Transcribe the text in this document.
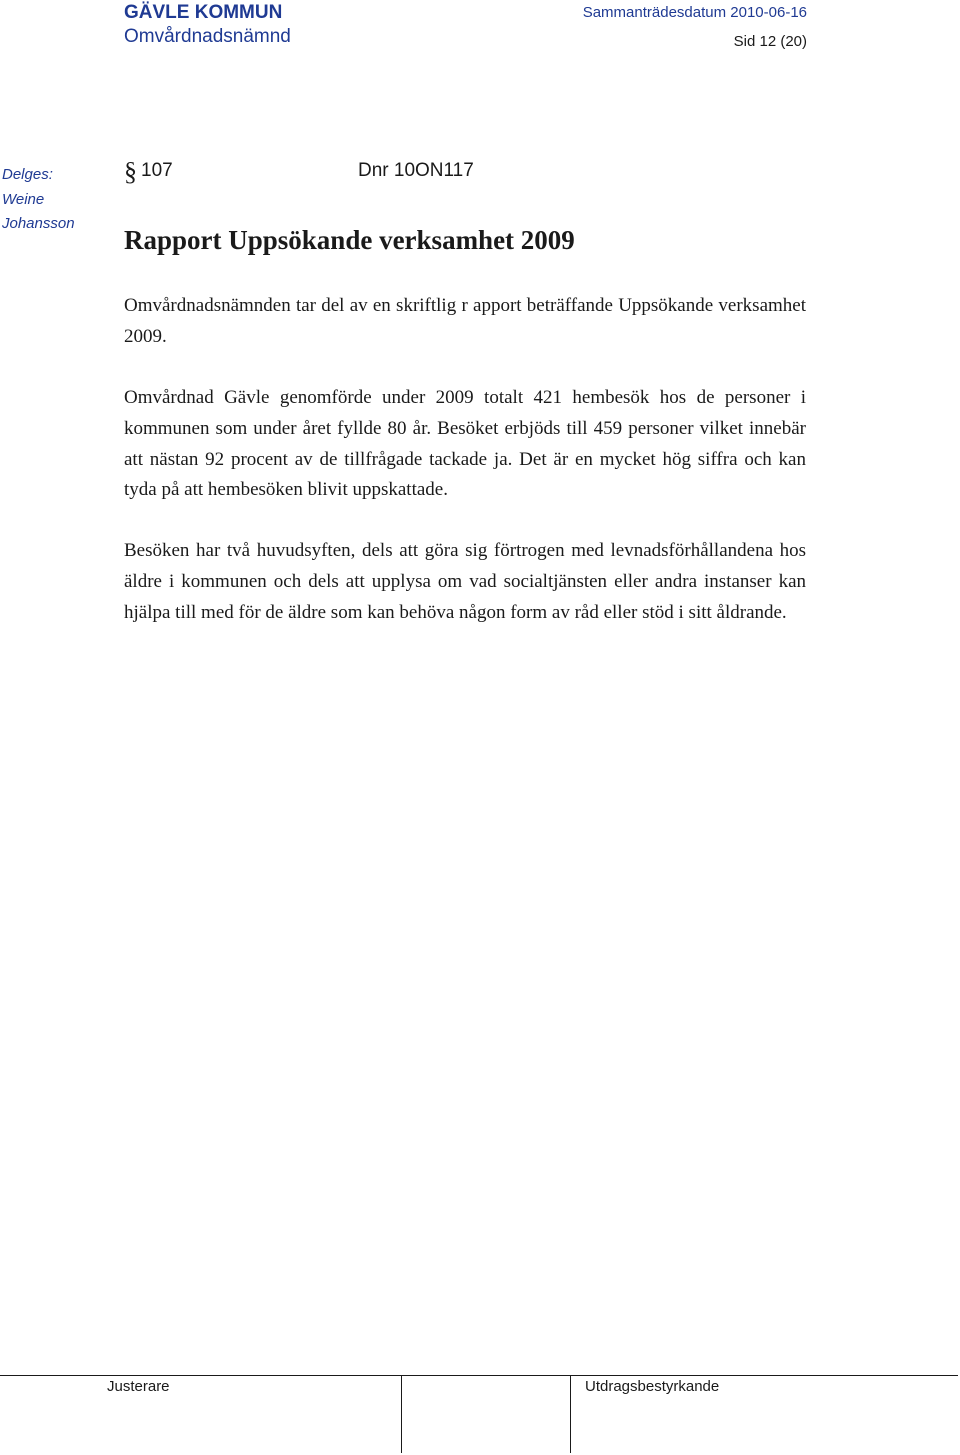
GÄVLE KOMMUN
Omvårdnadsnämnd
Sammanträdesdatum 2010-06-16
Sid 12 (20)
Delges:
Weine
Johansson
§ 107	Dnr 10ON117
Rapport Uppsökande verksamhet 2009
Omvårdnadsnämnden tar del av en skriftlig r apport beträffande Uppsökande verksamhet 2009.
Omvårdnad Gävle genomförde under 2009 totalt 421 hembesök hos de personer i kommunen som under året fyllde 80 år. Besöket erbjöds till 459 personer vilket innebär att nästan 92 procent av de tillfrågade tackade ja. Det är en mycket hög siffra och kan tyda på att hembesöken blivit uppskattade.
Besöken har två huvudsyften, dels att göra sig förtrogen med levnadsförhållandena hos äldre i kommunen och dels att upplysa om vad socialtjänsten eller andra instanser kan hjälpa till med för de äldre som kan behöva någon form av råd eller stöd i sitt åldrande.
Justerare	Utdragsbestyrkande
